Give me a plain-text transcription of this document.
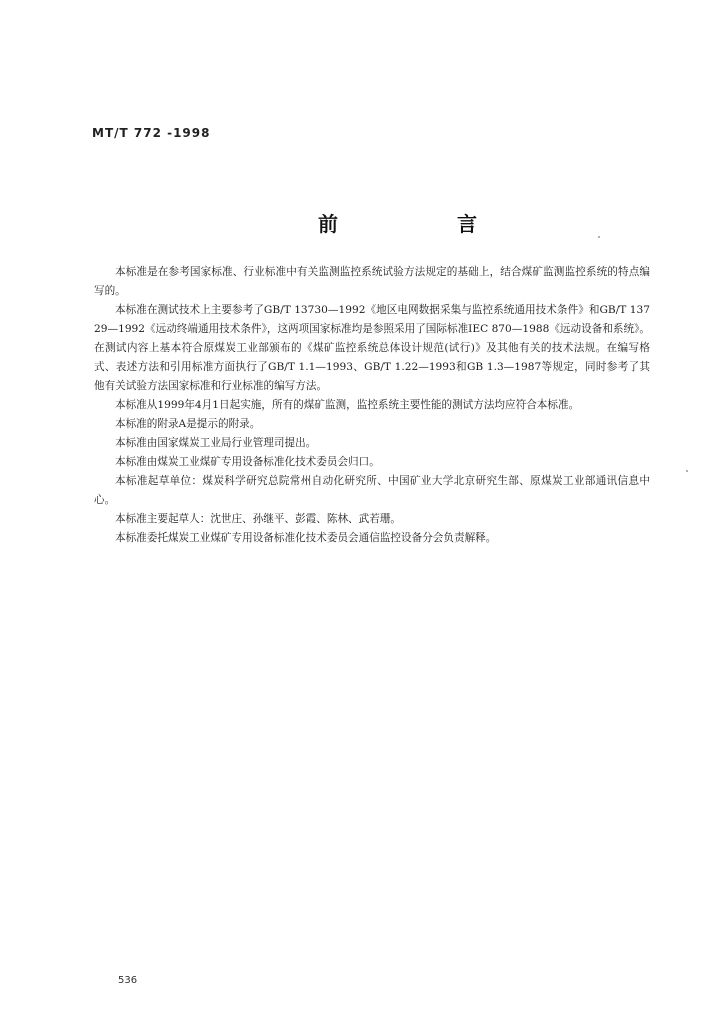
MT/T 772 -1998
前 言

本标准是在参考国家标准、行业标准中有关监测监控系统试验方法规定的基础上，结合煤矿监测监控系统的特点编写的。

本标准在测试技术上主要参考了GB/T 13730—1992《地区电网数据采集与监控系统通用技术条件》和GB/T 13729—1992《远动终端通用技术条件》，这两项国家标准均是参照采用了国际标准IEC 870—1988《远动设备和系统》。在测试内容上基本符合原煤炭工业部颁布的《煤矿监控系统总体设计规范(试行)》及其他有关的技术法规。在编写格式、表述方法和引用标准方面执行了GB/T 1.1—1993、GB/T 1.22—1993和GB 1.3—1987等规定，同时参考了其他有关试验方法国家标准和行业标准的编写方法。

本标准从1999年4月1日起实施，所有的煤矿监测，监控系统主要性能的测试方法均应符合本标准。

本标准的附录A是提示的附录。

本标准由国家煤炭工业局行业管理司提出。

本标准由煤炭工业煤矿专用设备标准化技术委员会归口。

本标准起草单位：煤炭科学研究总院常州自动化研究所、中国矿业大学北京研究生部、原煤炭工业部通讯信息中心。

本标准主要起草人：沈世庄、孙继平、彭霞、陈林、武若珊。

本标准委托煤炭工业煤矿专用设备标准化技术委员会通信监控设备分会负责解释。

536
